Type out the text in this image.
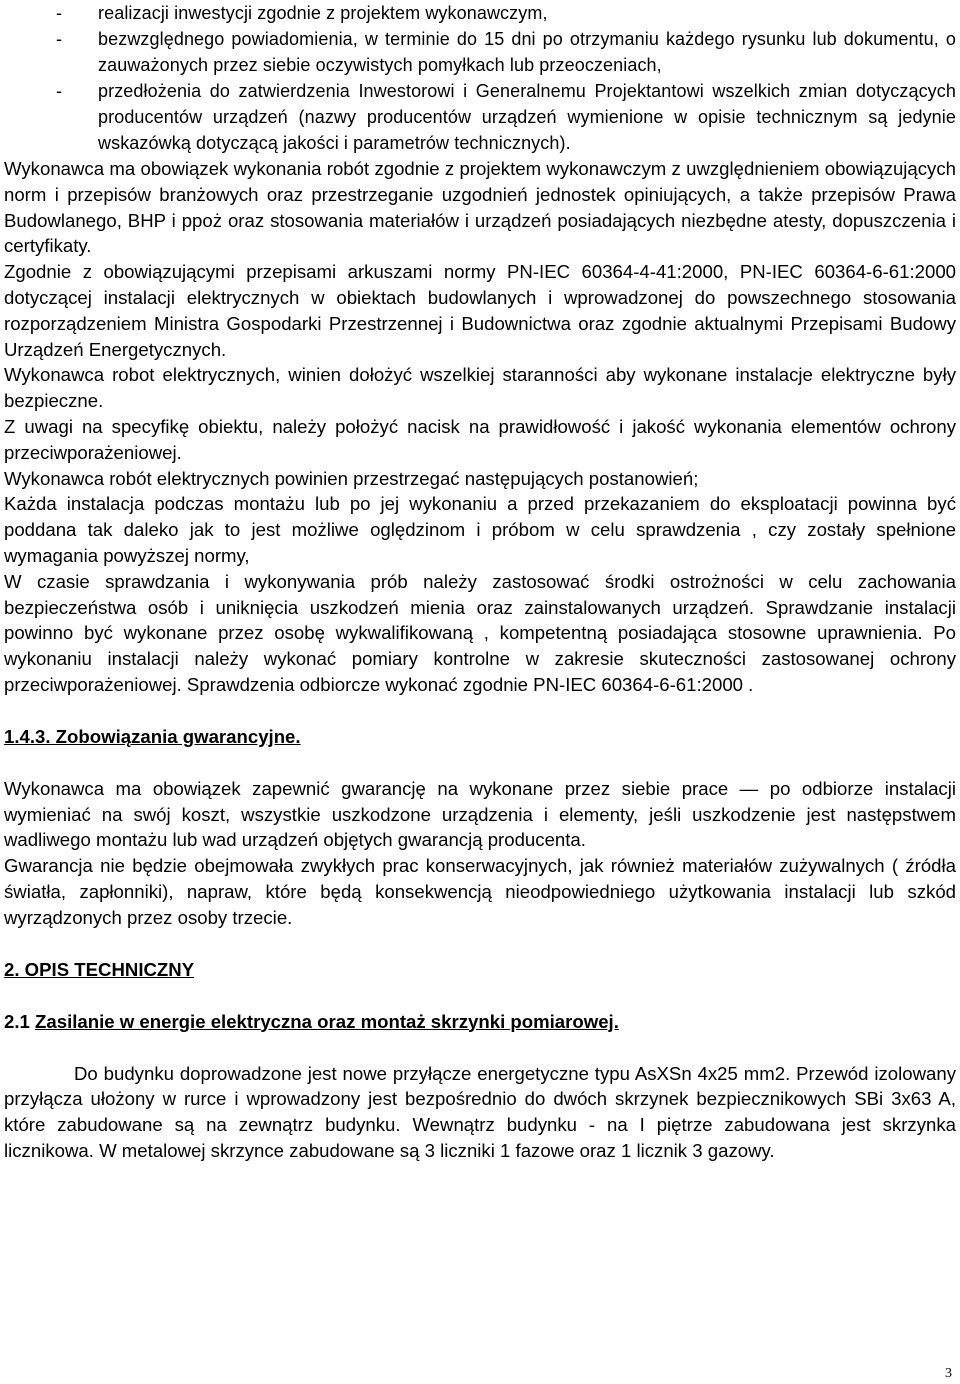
- realizacji inwestycji zgodnie z projektem wykonawczym,
- bezwzględnego powiadomienia, w terminie do 15 dni po otrzymaniu każdego rysunku lub dokumentu, o zauważonych przez siebie oczywistych pomyłkach lub przeoczeniach,
- przedłożenia do zatwierdzenia Inwestorowi i Generalnemu Projektantowi wszelkich zmian dotyczących producentów urządzeń (nazwy producentów urządzeń wymienione w opisie technicznym są jedynie wskazówką dotyczącą jakości i parametrów technicznych).

Wykonawca ma obowiązek wykonania robót zgodnie z projektem wykonawczym z uwzględnieniem obowiązujących norm i przepisów branżowych oraz przestrzeganie uzgodnień jednostek opiniujących, a także przepisów Prawa Budowlanego, BHP i ppoż oraz stosowania materiałów i urządzeń posiadających niezbędne atesty, dopuszczenia i certyfikaty.

Zgodnie z obowiązującymi przepisami arkuszami normy PN-IEC 60364-4-41:2000, PN-IEC 60364-6-61:2000 dotyczącej instalacji elektrycznych w obiektach budowlanych i wprowadzonej do powszechnego stosowania rozporządzeniem Ministra Gospodarki Przestrzennej i Budownictwa oraz zgodnie aktualnymi Przepisami Budowy Urządzeń Energetycznych.

Wykonawca robot elektrycznych, winien dołożyć wszelkiej staranności aby wykonane instalacje elektryczne były bezpieczne.

Z uwagi na specyfikę obiektu, należy położyć nacisk na prawidłowość i jakość wykonania elementów ochrony przeciwporażeniowej.

Wykonawca robót elektrycznych powinien przestrzegać następujących postanowień;

Każda instalacja podczas montażu lub po jej wykonaniu a przed przekazaniem do eksploatacji powinna być poddana tak daleko jak to jest możliwe oględzinom i próbom w celu sprawdzenia , czy zostały spełnione wymagania powyższej normy,

W czasie sprawdzania i wykonywania prób należy zastosować środki ostrożności w celu zachowania bezpieczeństwa osób i uniknięcia uszkodzeń mienia oraz zainstalowanych urządzeń. Sprawdzanie instalacji powinno być wykonane przez osobę wykwalifikowaną , kompetentną posiadająca stosowne uprawnienia. Po wykonaniu instalacji należy wykonać pomiary kontrolne w zakresie skuteczności zastosowanej ochrony przeciwporażeniowej. Sprawdzenia odbiorcze wykonać zgodnie PN-IEC 60364-6-61:2000 .

1.4.3. Zobowiązania gwarancyjne.

Wykonawca ma obowiązek zapewnić gwarancję na wykonane przez siebie prace — po odbiorze instalacji wymieniać na swój koszt, wszystkie uszkodzone urządzenia i elementy, jeśli uszkodzenie jest następstwem wadliwego montażu lub wad urządzeń objętych gwarancją producenta.

Gwarancja nie będzie obejmowała zwykłych prac konserwacyjnych, jak również materiałów zużywalnych ( źródła światła, zapłonniki), napraw, które będą konsekwencją nieodpowiedniego użytkowania instalacji lub szkód wyrządzonych przez osoby trzecie.

2. OPIS TECHNICZNY

2.1 Zasilanie w energie elektryczna oraz montaż skrzynki pomiarowej.

Do budynku doprowadzone jest nowe przyłącze energetyczne typu AsXSn 4x25 mm2. Przewód izolowany przyłącza ułożony w rurce i wprowadzony jest bezpośrednio do dwóch skrzynek bezpiecznikowych SBi 3x63 A, które zabudowane są na zewnątrz budynku. Wewnątrz budynku - na I piętrze zabudowana jest skrzynka licznikowa. W metalowej skrzynce zabudowane są 3 liczniki 1 fazowe oraz 1 licznik 3 gazowy.

3
